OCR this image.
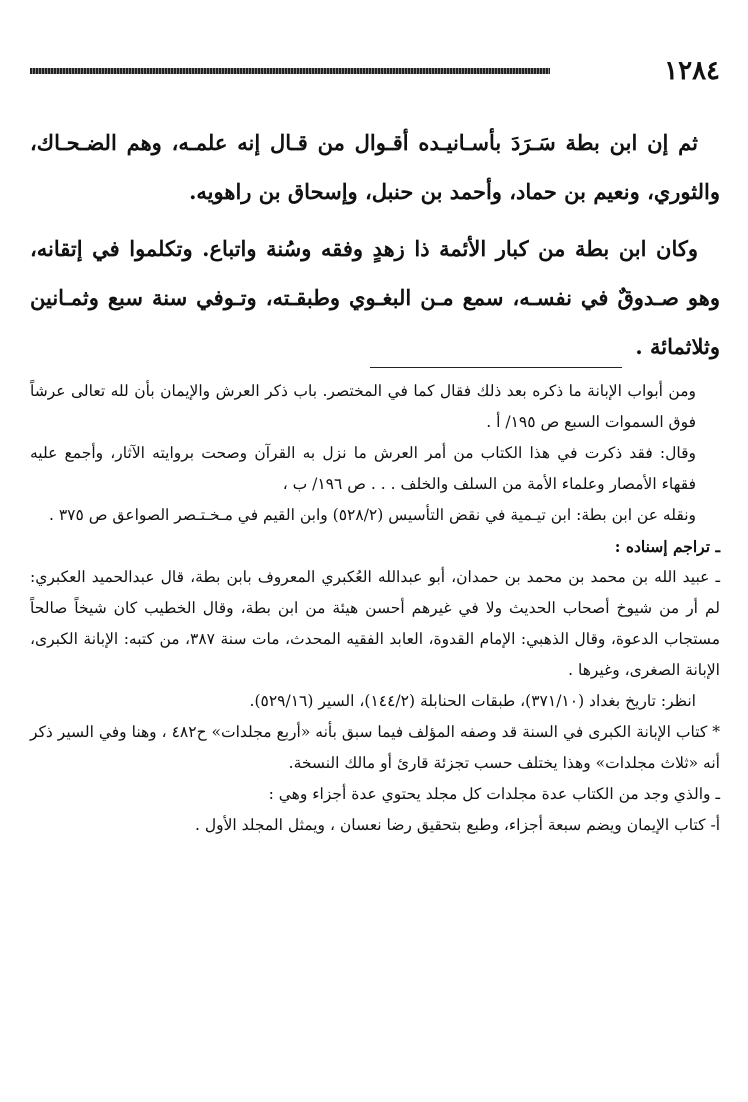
١٢٨٤

ثم إن ابن بطة سَـرَدَ بأسـانيـده أقـوال من قـال إنه علمـه، وهم الضـحـاك، والثوري، ونعيم بن حماد، وأحمد بن حنبل، وإسحاق بن راهويه.

وكان ابن بطة من كبار الأئمة ذا زهدٍ وفقه وسُنة واتباع. وتكلموا في إتقانه، وهو صـدوقٌ في نفسـه، سمع مـن البغـوي وطبقـته، وتـوفي سنة سبع وثمـانين وثلاثمائة .

ومن أبواب الإبانة ما ذكره بعد ذلك فقال كما في المختصر. باب ذكر العرش والإيمان بأن لله تعالى عرشاً فوق السموات السبع ص ١٩٥/ أ .

وقال: فقد ذكرت في هذا الكتاب من أمر العرش ما نزل به القرآن وصحت بروايته الآثار، وأجمع عليه فقهاء الأمصار وعلماء الأمة من السلف والخلف . . . ص ١٩٦/ ب ،

ونقله عن ابن بطة: ابن تيـمية في نقض التأسيس (٥٢٨/٢) وابن القيم في مـخـتـصر الصواعق ص ٣٧٥ .

ـ تراجم إسناده :

ـ عبيد الله بن محمد بن محمد بن حمدان، أبو عبدالله العُكبري المعروف بابن بطة، قال عبدالحميد العكبري: لم أر من شيوخ أصحاب الحديث ولا في غيرهم أحسن هيئة من ابن بطة، وقال الخطيب كان شيخاً صالحاً مستجاب الدعوة، وقال الذهبي: الإمام القدوة، العابد الفقيه المحدث، مات سنة ٣٨٧، من كتبه: الإبانة الكبرى، الإبانة الصغرى، وغيرها .

انظر: تاريخ بغداد (٣٧١/١٠)، طبقات الحنابلة (١٤٤/٢)، السير (٥٢٩/١٦).

* كتاب الإبانة الكبرى في السنة قد وصفه المؤلف فيما سبق بأنه «أربع مجلدات» ح٤٨٢ ، وهنا وفي السير ذكر أنه «ثلاث مجلدات» وهذا يختلف حسب تجزئة قارئ أو مالك النسخة.

ـ والذي وجد من الكتاب عدة مجلدات كل مجلد يحتوي عدة أجزاء وهي :

أ- كتاب الإيمان ويضم سبعة أجزاء، وطبع بتحقيق رضا نعسان ، ويمثل المجلد الأول .
